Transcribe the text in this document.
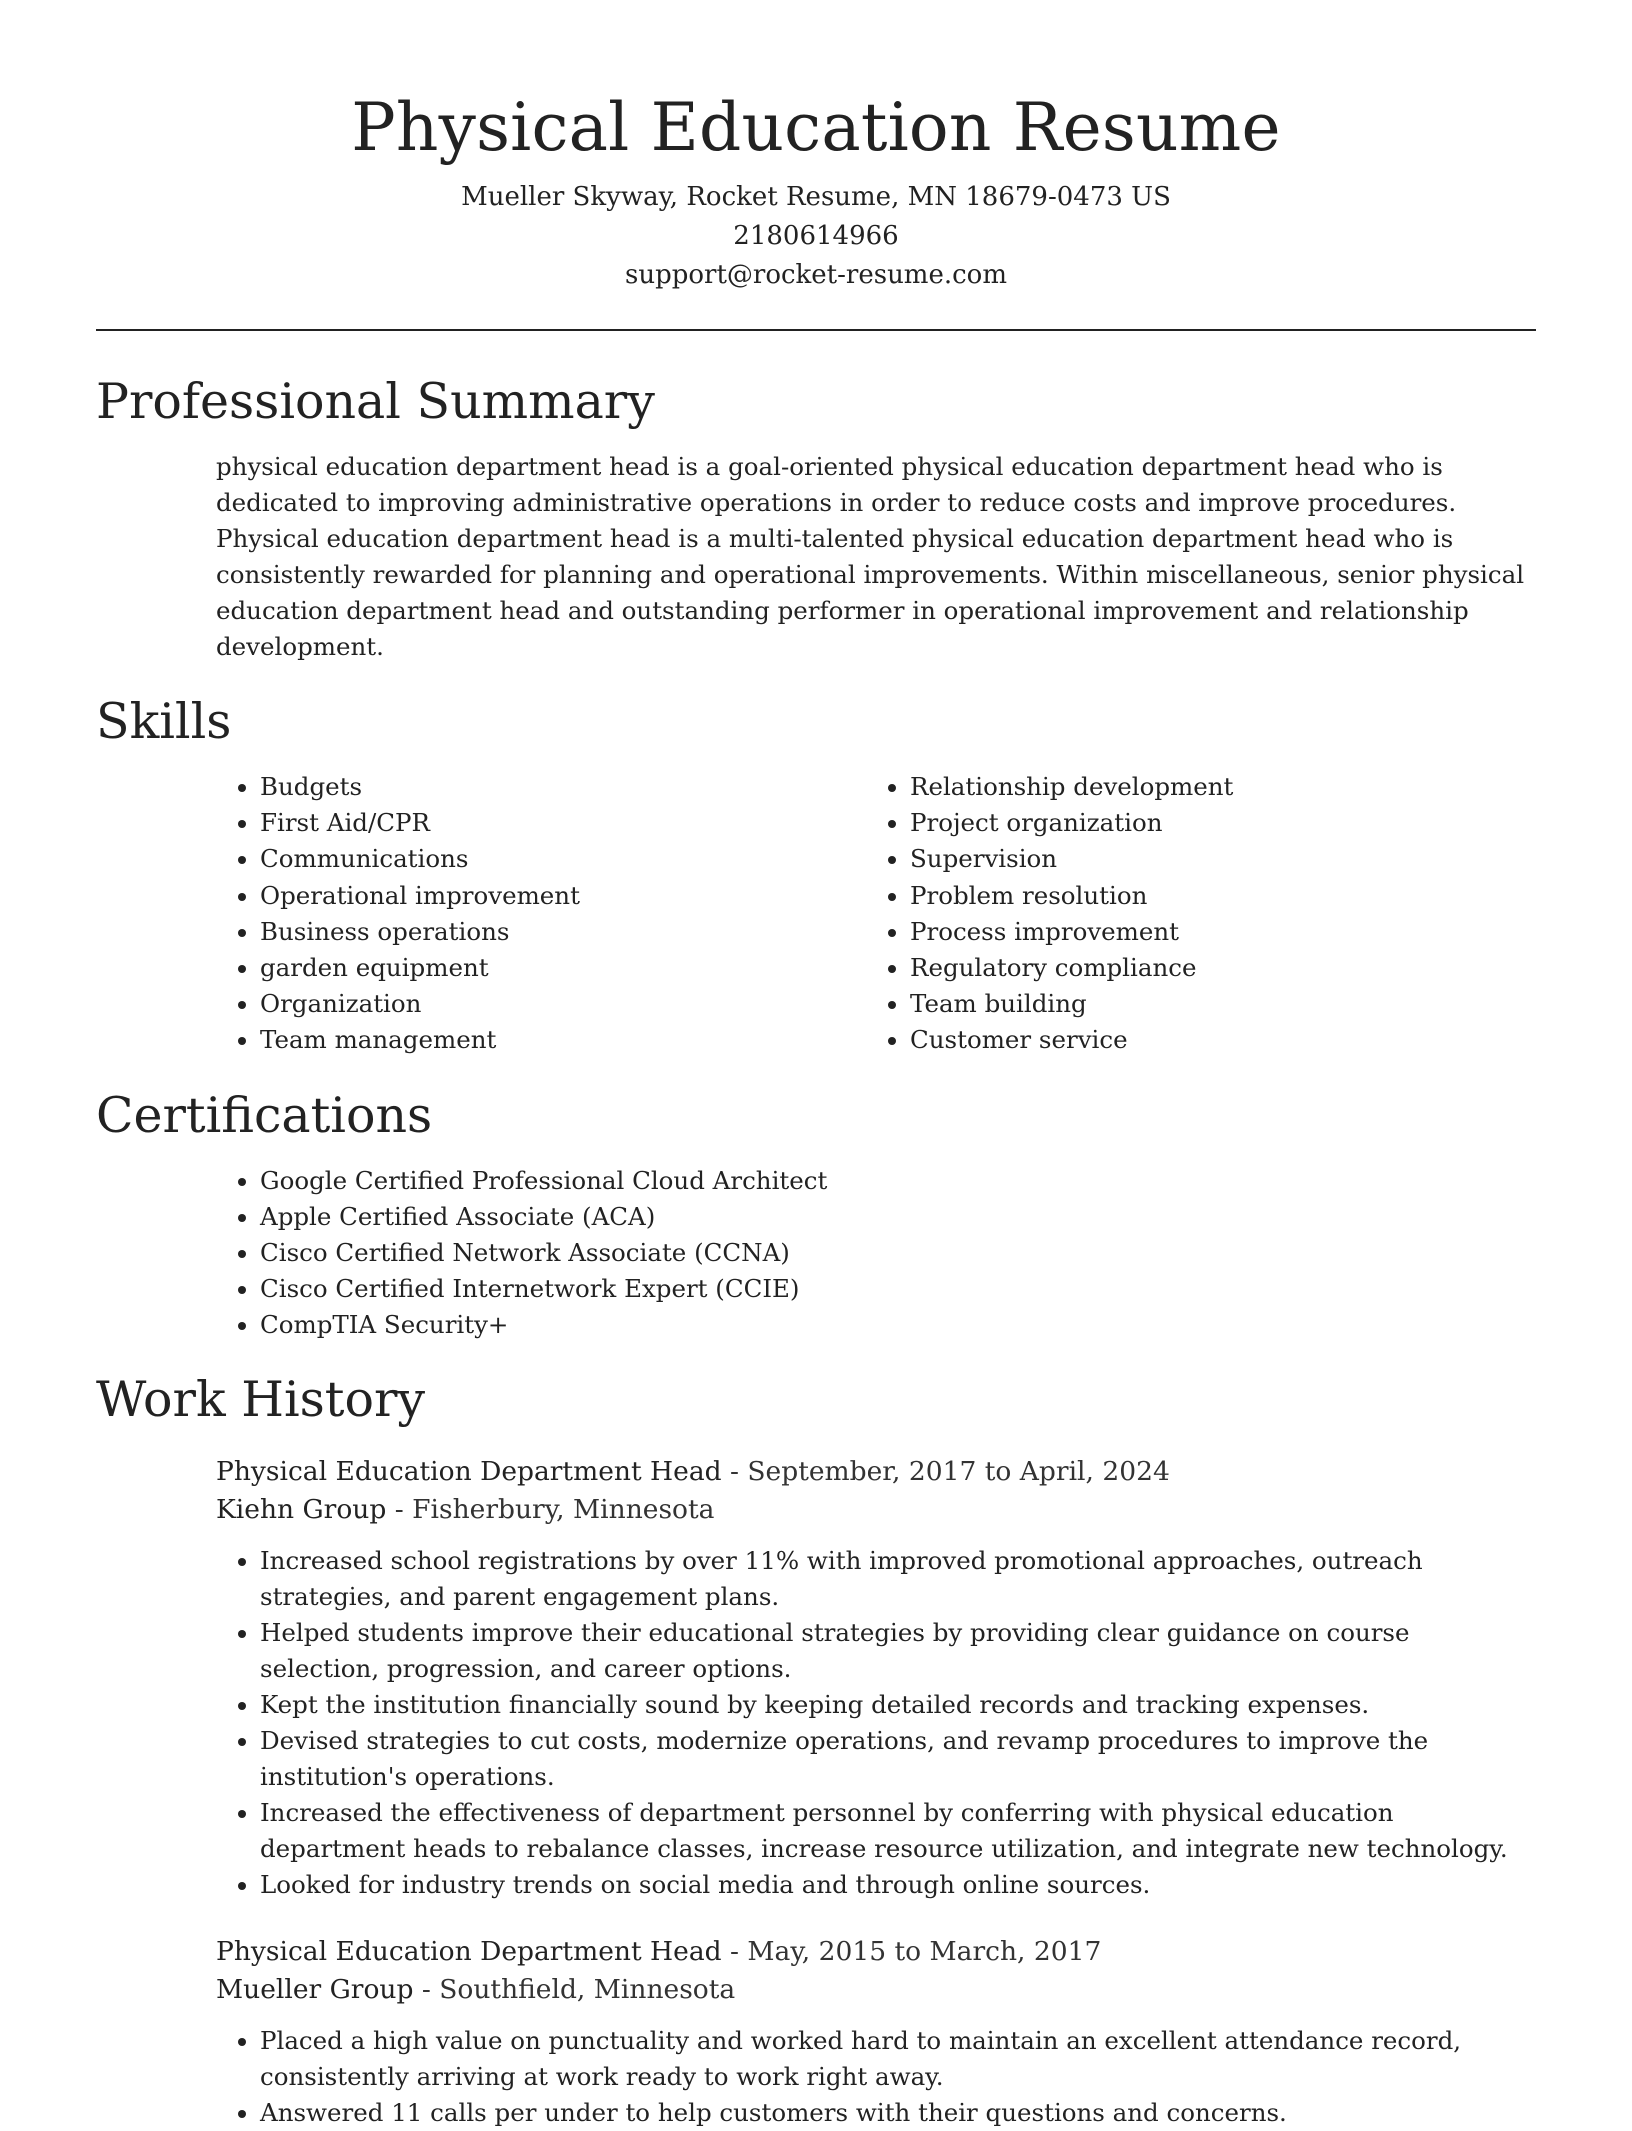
Physical Education Resume
Mueller Skyway, Rocket Resume, MN 18679-0473 US
2180614966
support@rocket-resume.com
Professional Summary

physical education department head is a goal-oriented physical education department head who is dedicated to improving administrative operations in order to reduce costs and improve procedures. Physical education department head is a multi-talented physical education department head who is consistently rewarded for planning and operational improvements. Within miscellaneous, senior physical education department head and outstanding performer in operational improvement and relationship development.

Skills
• Budgets
• First Aid/CPR
• Communications
• Operational improvement
• Business operations
• garden equipment
• Organization
• Team management
• Relationship development
• Project organization
• Supervision
• Problem resolution
• Process improvement
• Regulatory compliance
• Team building
• Customer service
Certifications
• Google Certified Professional Cloud Architect
• Apple Certified Associate (ACA)
• Cisco Certified Network Associate (CCNA)
• Cisco Certified Internetwork Expert (CCIE)
• CompTIA Security+
Work History
Physical Education Department Head - September, 2017 to April, 2024
Kiehn Group - Fisherbury, Minnesota
• Increased school registrations by over 11% with improved promotional approaches, outreach strategies, and parent engagement plans.
• Helped students improve their educational strategies by providing clear guidance on course selection, progression, and career options.
• Kept the institution financially sound by keeping detailed records and tracking expenses.
• Devised strategies to cut costs, modernize operations, and revamp procedures to improve the institution's operations.
• Increased the effectiveness of department personnel by conferring with physical education department heads to rebalance classes, increase resource utilization, and integrate new technology.
• Looked for industry trends on social media and through online sources.
Physical Education Department Head - May, 2015 to March, 2017
Mueller Group - Southfield, Minnesota
• Placed a high value on punctuality and worked hard to maintain an excellent attendance record, consistently arriving at work ready to work right away.
• Answered 11 calls per under to help customers with their questions and concerns.
